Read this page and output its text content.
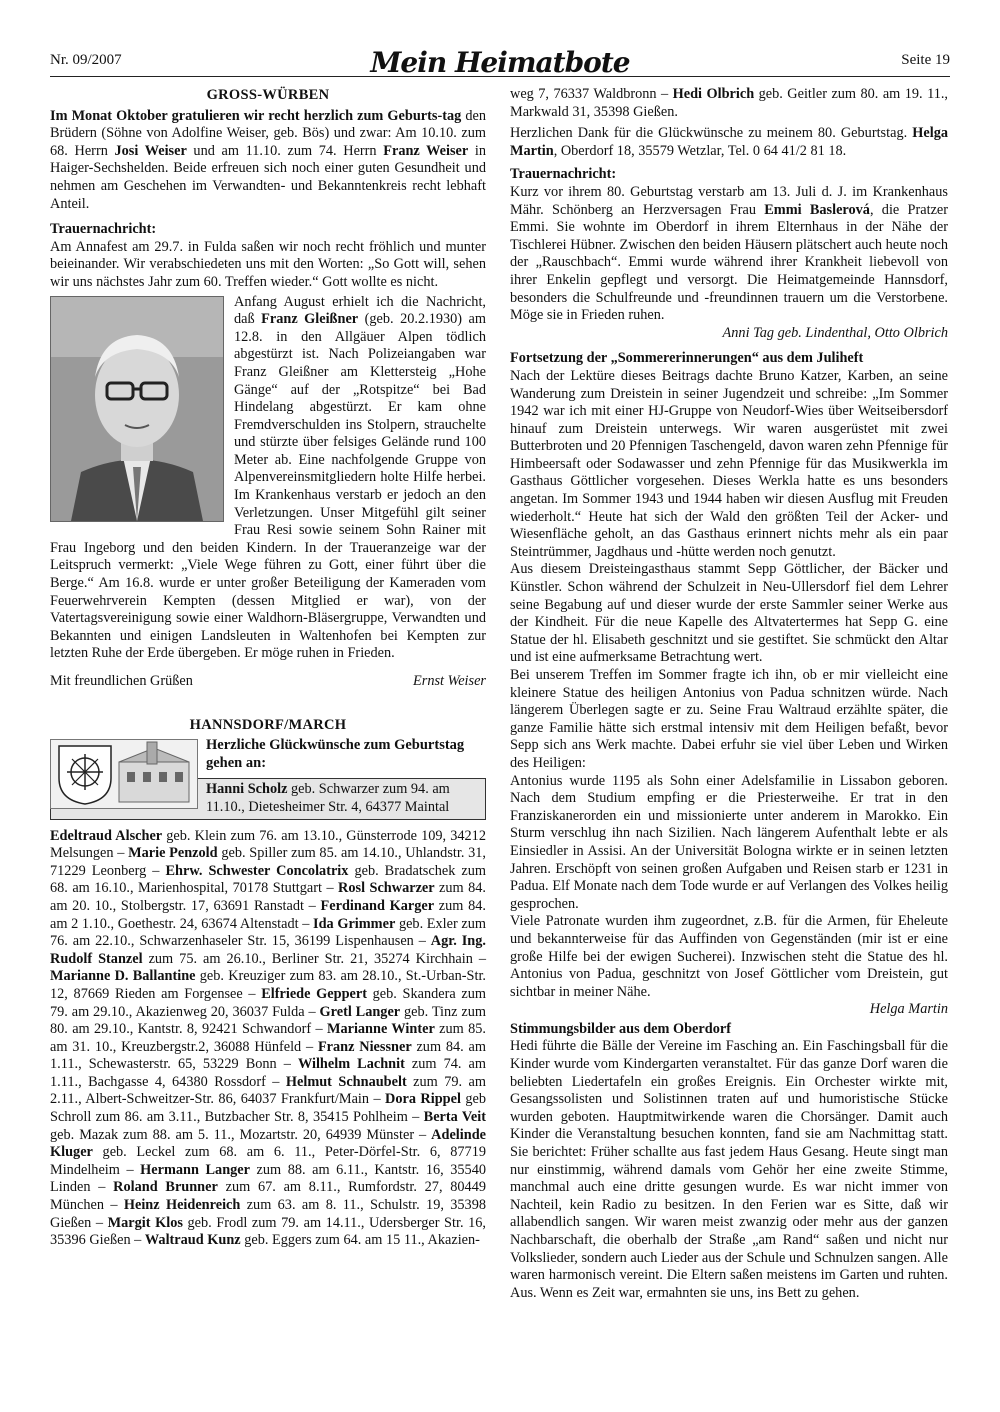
Nr. 09/2007	Mein Heimatbote	Seite 19
GROSS-WÜRBEN

Im Monat Oktober gratulieren wir recht herzlich zum Geburts-tag den Brüdern (Söhne von Adolfine Weiser, geb. Bös) und zwar: Am 10.10. zum 68. Herrn Josi Weiser und am 11.10. zum 74. Herrn Franz Weiser in Haiger-Sechshelden. Beide erfreuen sich noch einer guten Gesundheit und nehmen am Geschehen im Verwandten- und Bekanntenkreis recht lebhaft Anteil.

Trauernachricht:

Am Annafest am 29.7. in Fulda saßen wir noch recht fröhlich und munter beieinander. Wir verabschiedeten uns mit den Worten: „So Gott will, sehen wir uns nächstes Jahr zum 60. Treffen wieder.“ Gott wollte es nicht.

Anfang August erhielt ich die Nachricht, daß Franz Gleißner (geb. 20.2.1930) am 12.8. in den Allgäuer Alpen tödlich abgestürzt ist. Nach Polizeiangaben war Franz Gleißner am Klettersteig „Hohe Gänge“ auf der „Rotspitze“ bei Bad Hindelang abgestürzt. Er kam ohne Fremdverschulden ins Stolpern, strauchelte und stürzte über felsiges Gelände rund 100 Meter ab. Eine nachfolgende Gruppe von Alpenvereinsmitgliedern holte Hilfe herbei. Im Krankenhaus verstarb er jedoch an den Verletzungen. Unser Mitgefühl gilt seiner Frau Resi sowie seinem Sohn Rainer mit Frau Ingeborg und den beiden Kindern. In der Traueranzeige war der Leitspruch vermerkt: „Viele Wege führen zu Gott, einer führt über die Berge.“ Am 16.8. wurde er unter großer Beteiligung der Kameraden vom Feuerwehrverein Kempten (dessen Mitglied er war), von der Vatertagsvereinigung sowie einer Waldhorn-Bläsergruppe, Verwandten und Bekannten und einigen Landsleuten in Waltenhofen bei Kempten zur letzten Ruhe der Erde übergeben. Er möge ruhen in Frieden.

Mit freundlichen Grüßen	Ernst Weiser
HANNSDORF/MARCH
Herzliche Glückwünsche zum Geburtstag gehen an:
Hanni Scholz geb. Schwarzer zum 94. am 11.10., Dietesheimer Str. 4, 64377 Maintal

Edeltraud Alscher geb. Klein zum 76. am 13.10., Günsterrode 109, 34212 Melsungen – Marie Penzold geb. Spiller zum 85. am 14.10., Uhlandstr. 31, 71229 Leonberg – Ehrw. Schwester Concolatrix geb. Bradatschek zum 68. am 16.10., Marienhospital, 70178 Stuttgart – Rosl Schwarzer zum 84. am 20. 10., Stolbergstr. 17, 63691 Ranstadt – Ferdinand Karger zum 84. am 2 1.10., Goethestr. 24, 63674 Altenstadt – Ida Grimmer geb. Exler zum 76. am 22.10., Schwarzenhaseler Str. 15, 36199 Lispenhausen – Agr. Ing. Rudolf Stanzel zum 75. am 26.10., Berliner Str. 21, 35274 Kirchhain – Marianne D. Ballantine geb. Kreuziger zum 83. am 28.10., St.-Urban-Str. 12, 87669 Rieden am Forgensee – Elfriede Geppert geb. Skandera zum 79. am 29.10., Akazienweg 20, 36037 Fulda – Gretl Langer geb. Tinz zum 80. am 29.10., Kantstr. 8, 92421 Schwandorf – Marianne Winter zum 85. am 31. 10., Kreuzbergstr.2, 36088 Hünfeld – Franz Niessner zum 84. am 1.11., Schewasterstr. 65, 53229 Bonn – Wilhelm Lachnit zum 74. am 1.11., Bachgasse 4, 64380 Rossdorf – Helmut Schnaubelt zum 79. am 2.11., Albert-Schweitzer-Str. 86, 64037 Frankfurt/Main – Dora Rippel geb Schroll zum 86. am 3.11., Butzbacher Str. 8, 35415 Pohlheim – Berta Veit geb. Mazak zum 88. am 5. 11., Mozartstr. 20, 64939 Münster – Adelinde Kluger geb. Leckel zum 68. am 6. 11., Peter-Dörfel-Str. 6, 87719 Mindelheim – Hermann Langer zum 88. am 6.11., Kantstr. 16, 35540 Linden – Roland Brunner zum 67. am 8.11., Rumfordstr. 27, 80449 München – Heinz Heidenreich zum 63. am 8. 11., Schulstr. 19, 35398 Gießen – Margit Klos geb. Frodl zum 79. am 14.11., Udersberger Str. 16, 35396 Gießen – Waltraud Kunz geb. Eggers zum 64. am 15 11., Akazien-

weg 7, 76337 Waldbronn – Hedi Olbrich geb. Geitler zum 80. am 19. 11., Markwald 31, 35398 Gießen.

Herzlichen Dank für die Glückwünsche zu meinem 80. Geburtstag. Helga Martin, Oberdorf 18, 35579 Wetzlar, Tel. 0 64 41/2 81 18.

Trauernachricht:

Kurz vor ihrem 80. Geburtstag verstarb am 13. Juli d. J. im Krankenhaus Mähr. Schönberg an Herzversagen Frau Emmi Baslerová, die Pratzer Emmi. Sie wohnte im Oberdorf in ihrem Elternhaus in der Nähe der Tischlerei Hübner. Zwischen den beiden Häusern plätschert auch heute noch der „Rauschbach“. Emmi wurde während ihrer Krankheit liebevoll von ihrer Enkelin gepflegt und versorgt. Die Heimatgemeinde Hannsdorf, besonders die Schulfreunde und -freundinnen trauern um die Verstorbene. Möge sie in Frieden ruhen.

Anni Tag geb. Lindenthal, Otto Olbrich

Fortsetzung der „Sommererinnerungen“ aus dem Juliheft

Nach der Lektüre dieses Beitrags dachte Bruno Katzer, Karben, an seine Wanderung zum Dreistein in seiner Jugendzeit und schreibe: „Im Sommer 1942 war ich mit einer HJ-Gruppe von Neudorf-Wies über Weitseibersdorf hinauf zum Dreistein unterwegs. Wir waren ausgerüstet mit zwei Butterbroten und 20 Pfennigen Taschengeld, davon waren zehn Pfennige für Himbeersaft oder Sodawasser und zehn Pfennige für das Musikwerkla im Gasthaus Göttlicher vorgesehen. Dieses Werkla hatte es uns besonders angetan. Im Sommer 1943 und 1944 haben wir diesen Ausflug mit Freuden wiederholt.“ Heute hat sich der Wald den größten Teil der Acker- und Wiesenfläche geholt, an das Gasthaus erinnert nichts mehr als ein paar Steintrümmer, Jagdhaus und -hütte werden noch genutzt.

Aus diesem Dreisteingasthaus stammt Sepp Göttlicher, der Bäcker und Künstler. Schon während der Schulzeit in Neu-Ullersdorf fiel dem Lehrer seine Begabung auf und dieser wurde der erste Sammler seiner Werke aus der Kindheit. Für die neue Kapelle des Altvatertermes hat Sepp G. eine Statue der hl. Elisabeth geschnitzt und sie gestiftet. Sie schmückt den Altar und ist eine aufmerksame Betrachtung wert.

Bei unserem Treffen im Sommer fragte ich ihn, ob er mir vielleicht eine kleinere Statue des heiligen Antonius von Padua schnitzen würde. Nach längerem Überlegen sagte er zu. Seine Frau Waltraud erzählte später, die ganze Familie hätte sich erstmal intensiv mit dem Heiligen befaßt, bevor Sepp sich ans Werk machte. Dabei erfuhr sie viel über Leben und Wirken des Heiligen:

Antonius wurde 1195 als Sohn einer Adelsfamilie in Lissabon geboren. Nach dem Studium empfing er die Priesterweihe. Er trat in den Franziskanerorden ein und missionierte unter anderem in Marokko. Ein Sturm verschlug ihn nach Sizilien. Nach längerem Aufenthalt lebte er als Einsiedler in Assisi. An der Universität Bologna wirkte er in seinen letzten Jahren. Erschöpft von seinen großen Aufgaben und Reisen starb er 1231 in Padua. Elf Monate nach dem Tode wurde er auf Verlangen des Volkes heilig gesprochen.

Viele Patronate wurden ihm zugeordnet, z.B. für die Armen, für Eheleute und bekannterweise für das Auffinden von Gegenständen (mir ist er eine große Hilfe bei der ewigen Sucherei). Inzwischen steht die Statue des hl. Antonius von Padua, geschnitzt von Josef Göttlicher vom Dreistein, gut sichtbar in meiner Nähe.

Helga Martin

Stimmungsbilder aus dem Oberdorf

Hedi führte die Bälle der Vereine im Fasching an. Ein Faschingsball für die Kinder wurde vom Kindergarten veranstaltet. Für das ganze Dorf waren die beliebten Liedertafeln ein großes Ereignis. Ein Orchester wirkte mit, Gesangssolisten und Solistinnen traten auf und humoristische Stücke wurden geboten. Hauptmitwirkende waren die Chorsänger. Damit auch Kinder die Veranstaltung besuchen konnten, fand sie am Nachmittag statt. Sie berichtet: Früher schallte aus fast jedem Haus Gesang. Heute singt man nur einstimmig, während damals vom Gehör her eine zweite Stimme, manchmal auch eine dritte gesungen wurde. Es war nicht immer von Nachteil, kein Radio zu besitzen. In den Ferien war es Sitte, daß wir allabendlich sangen. Wir waren meist zwanzig oder mehr aus der ganzen Nachbarschaft, die oberhalb der Straße „am Rand“ saßen und nicht nur Volkslieder, sondern auch Lieder aus der Schule und Schnulzen sangen. Alle waren harmonisch vereint. Die Eltern saßen meistens im Garten und ruhten. Aus. Wenn es Zeit war, ermahnten sie uns, ins Bett zu gehen.
